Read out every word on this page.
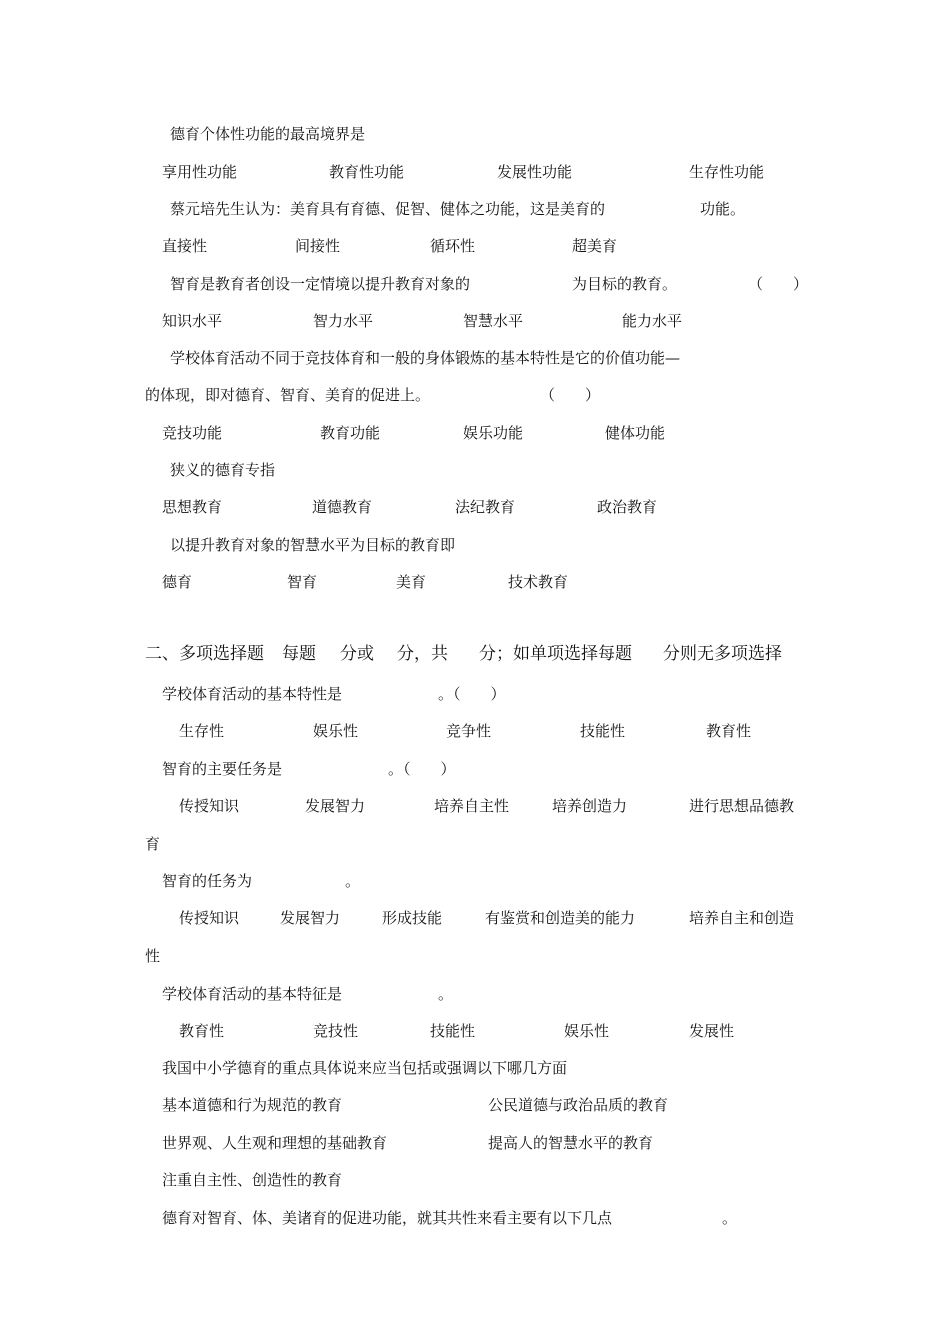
德育个体性功能的最高境界是
享用性功能	教育性功能	发展性功能	生存性功能
蔡元培先生认为：美育具有育德、促智、健体之功能，这是美育的	功能。
直接性	间接性	循环性	超美育
智育是教育者创设一定情境以提升教育对象的	为目标的教育。	（　　）
知识水平	智力水平	智慧水平	能力水平
学校体育活动不同于竞技体育和一般的身体锻炼的基本特性是它的价值功能—
的体现，即对德育、智育、美育的促进上。	（　　）
竞技功能	教育功能	娱乐功能	健体功能
狭义的德育专指
思想教育	道德教育	法纪教育	政治教育
以提升教育对象的智慧水平为目标的教育即
德育	智育	美育	技术教育
二、多项选择题 每题 分或 分，共 分；如单项选择每题 分则无多项选择
学校体育活动的基本特性是	。（　　）
生存性	娱乐性	竞争性	技能性	教育性
智育的主要任务是	。（　　）
传授知识	发展智力	培养自主性	培养创造力	进行思想品德教
育
智育的任务为	。
传授知识	发展智力	形成技能	有鉴赏和创造美的能力	培养自主和创造
性
学校体育活动的基本特征是	。
教育性	竞技性	技能性	娱乐性	发展性
我国中小学德育的重点具体说来应当包括或强调以下哪几方面
基本道德和行为规范的教育	公民道德与政治品质的教育
世界观、人生观和理想的基础教育	提高人的智慧水平的教育
注重自主性、创造性的教育
德育对智育、体、美诸育的促进功能，就其共性来看主要有以下几点	。
